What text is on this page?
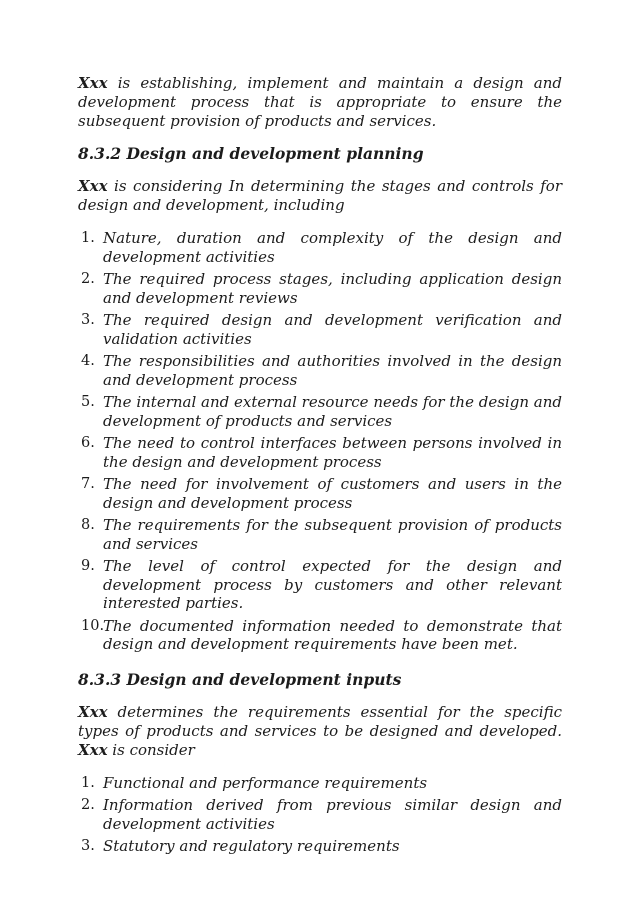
Xxx is establishing, implement and maintain a design and development process that is appropriate to ensure the subsequent provision of products and services.

8.3.2 Design and development planning

Xxx is considering In determining the stages and controls for design and development, including

1. Nature, duration and complexity of the design and development activities
2. The required process stages, including application design and development reviews
3. The required design and development verification and validation activities
4. The responsibilities and authorities involved in the design and development process
5. The internal and external resource needs for the design and development of products and services
6. The need to control interfaces between persons involved in the design and development process
7. The need for involvement of customers and users in the design and development process
8. The requirements for the subsequent provision of products and services
9. The level of control expected for the design and development process by customers and other relevant interested parties.
10.
The documented information needed to demonstrate that design and development requirements have been met.
8.3.3 Design and development inputs

Xxx determines the requirements essential for the specific types of products and services to be designed and developed. Xxx is consider

1. Functional and performance requirements
2. Information derived from previous similar design and development activities
3. Statutory and regulatory requirements
